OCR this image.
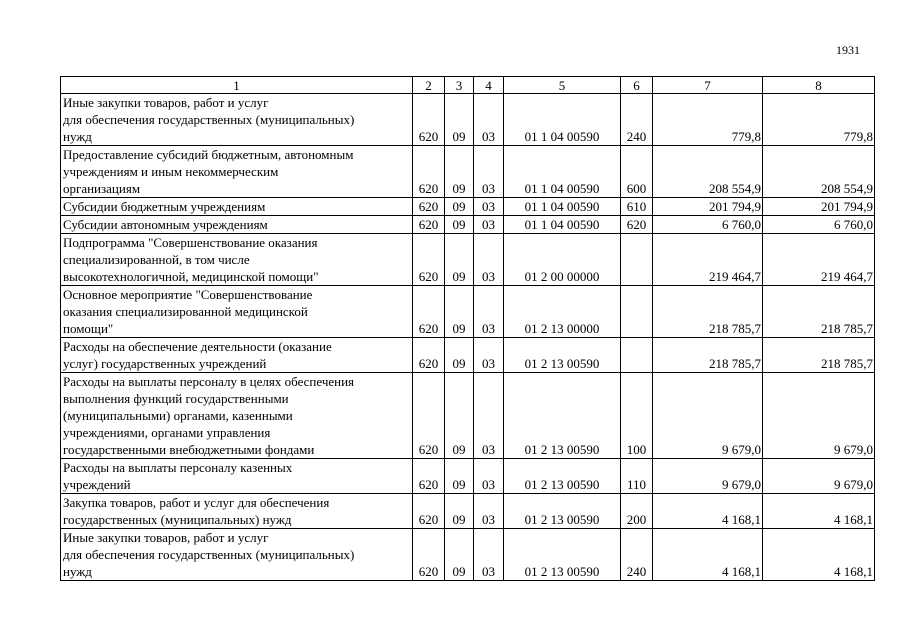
1931
1	2	3	4	5	6	7	8
Иные закупки товаров, работ и услуг
для обеспечения государственных (муниципальных)
нужд	620	09	03	01 1 04 00590	240	779,8	779,8
Предоставление субсидий бюджетным, автономным
учреждениям и иным некоммерческим
организациям	620	09	03	01 1 04 00590	600	208 554,9	208 554,9
Субсидии бюджетным учреждениям	620	09	03	01 1 04 00590	610	201 794,9	201 794,9
Субсидии автономным учреждениям	620	09	03	01 1 04 00590	620	6 760,0	6 760,0
Подпрограмма "Совершенствование оказания
специализированной, в том числе
высокотехнологичной, медицинской помощи"	620	09	03	01 2 00 00000		219 464,7	219 464,7
Основное мероприятие "Совершенствование
оказания специализированной медицинской
помощи"	620	09	03	01 2 13 00000		218 785,7	218 785,7
Расходы на обеспечение деятельности (оказание
услуг) государственных учреждений	620	09	03	01 2 13 00590		218 785,7	218 785,7
Расходы на выплаты персоналу в целях обеспечения
выполнения функций государственными
(муниципальными) органами, казенными
учреждениями, органами управления
государственными внебюджетными фондами	620	09	03	01 2 13 00590	100	9 679,0	9 679,0
Расходы на выплаты персоналу казенных
учреждений	620	09	03	01 2 13 00590	110	9 679,0	9 679,0
Закупка товаров, работ и услуг для обеспечения
государственных (муниципальных) нужд	620	09	03	01 2 13 00590	200	4 168,1	4 168,1
Иные закупки товаров, работ и услуг
для обеспечения государственных (муниципальных)
нужд	620	09	03	01 2 13 00590	240	4 168,1	4 168,1
